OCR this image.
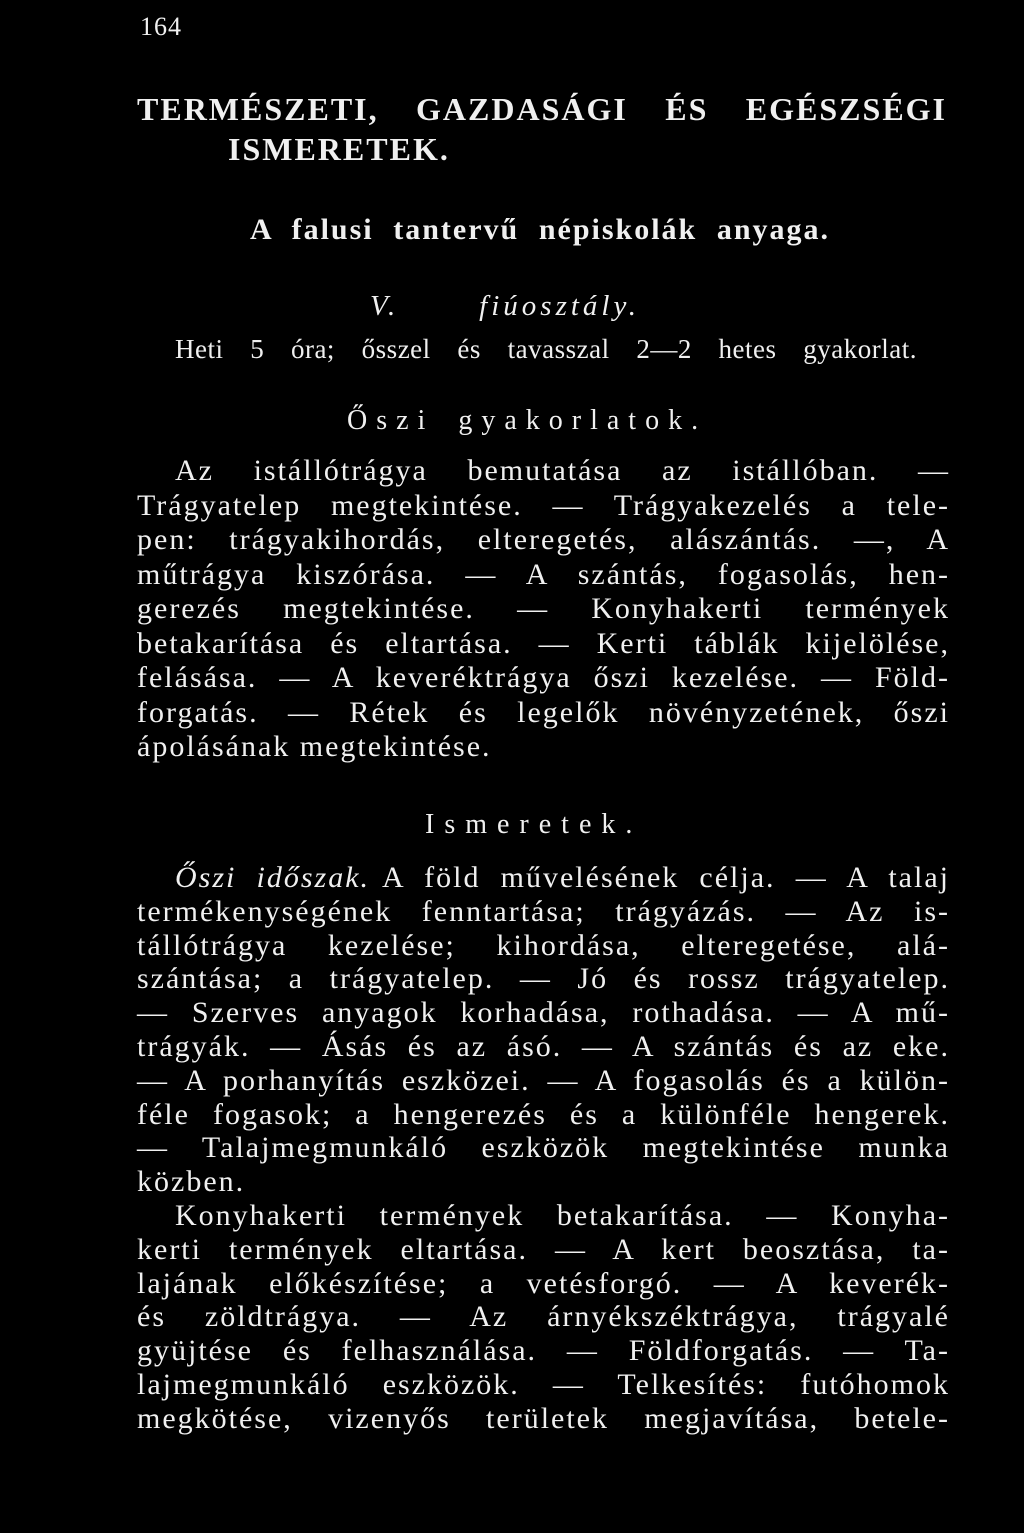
164
TERMÉSZETI, GAZDASÁGI ÉS EGÉSZSÉGI
ISMERETEK.
A falusi tantervű népiskolák anyaga.
V. fiúosztály.
Heti 5 óra; ősszel és tavasszal 2—2 hetes gyakorlat.
Őszi gyakorlatok.
Az istállótrágya bemutatása az istállóban. —
Trágyatelep megtekintése. — Trágyakezelés a tele-
pen: trágyakihordás, elteregetés, alászántás. —, A
műtrágya kiszórása. — A szántás, fogasolás, hen-
gerezés megtekintése. — Konyhakerti termények
betakarítása és eltartása. — Kerti táblák kijelölése,
felásása. — A keveréktrágya őszi kezelése. — Föld-
forgatás. — Rétek és legelők növényzetének, őszi
ápolásának megtekintése.
Ismeretek.
Őszi időszak. A föld művelésének célja. — A talaj
termékenységének fenntartása; trágyázás. — Az is-
tállótrágya kezelése; kihordása, elteregetése, alá-
szántása; a trágyatelep. — Jó és rossz trágyatelep.
— Szerves anyagok korhadása, rothadása. — A mű-
trágyák. — Ásás és az ásó. — A szántás és az eke.
— A porhanyítás eszközei. — A fogasolás és a külön-
féle fogasok; a hengerezés és a különféle hengerek.
— Talajmegmunkáló eszközök megtekintése munka
közben.
Konyhakerti termények betakarítása. — Konyha-
kerti termények eltartása. — A kert beosztása, ta-
lajának előkészítése; a vetésforgó. — A keverék-
és zöldtrágya. — Az árnyékszéktrágya, trágyalé
gyüjtése és felhasználása. — Földforgatás. — Ta-
lajmegmunkáló eszközök. — Telkesítés: futóhomok
megkötése, vizenyős területek megjavítása, betele-
